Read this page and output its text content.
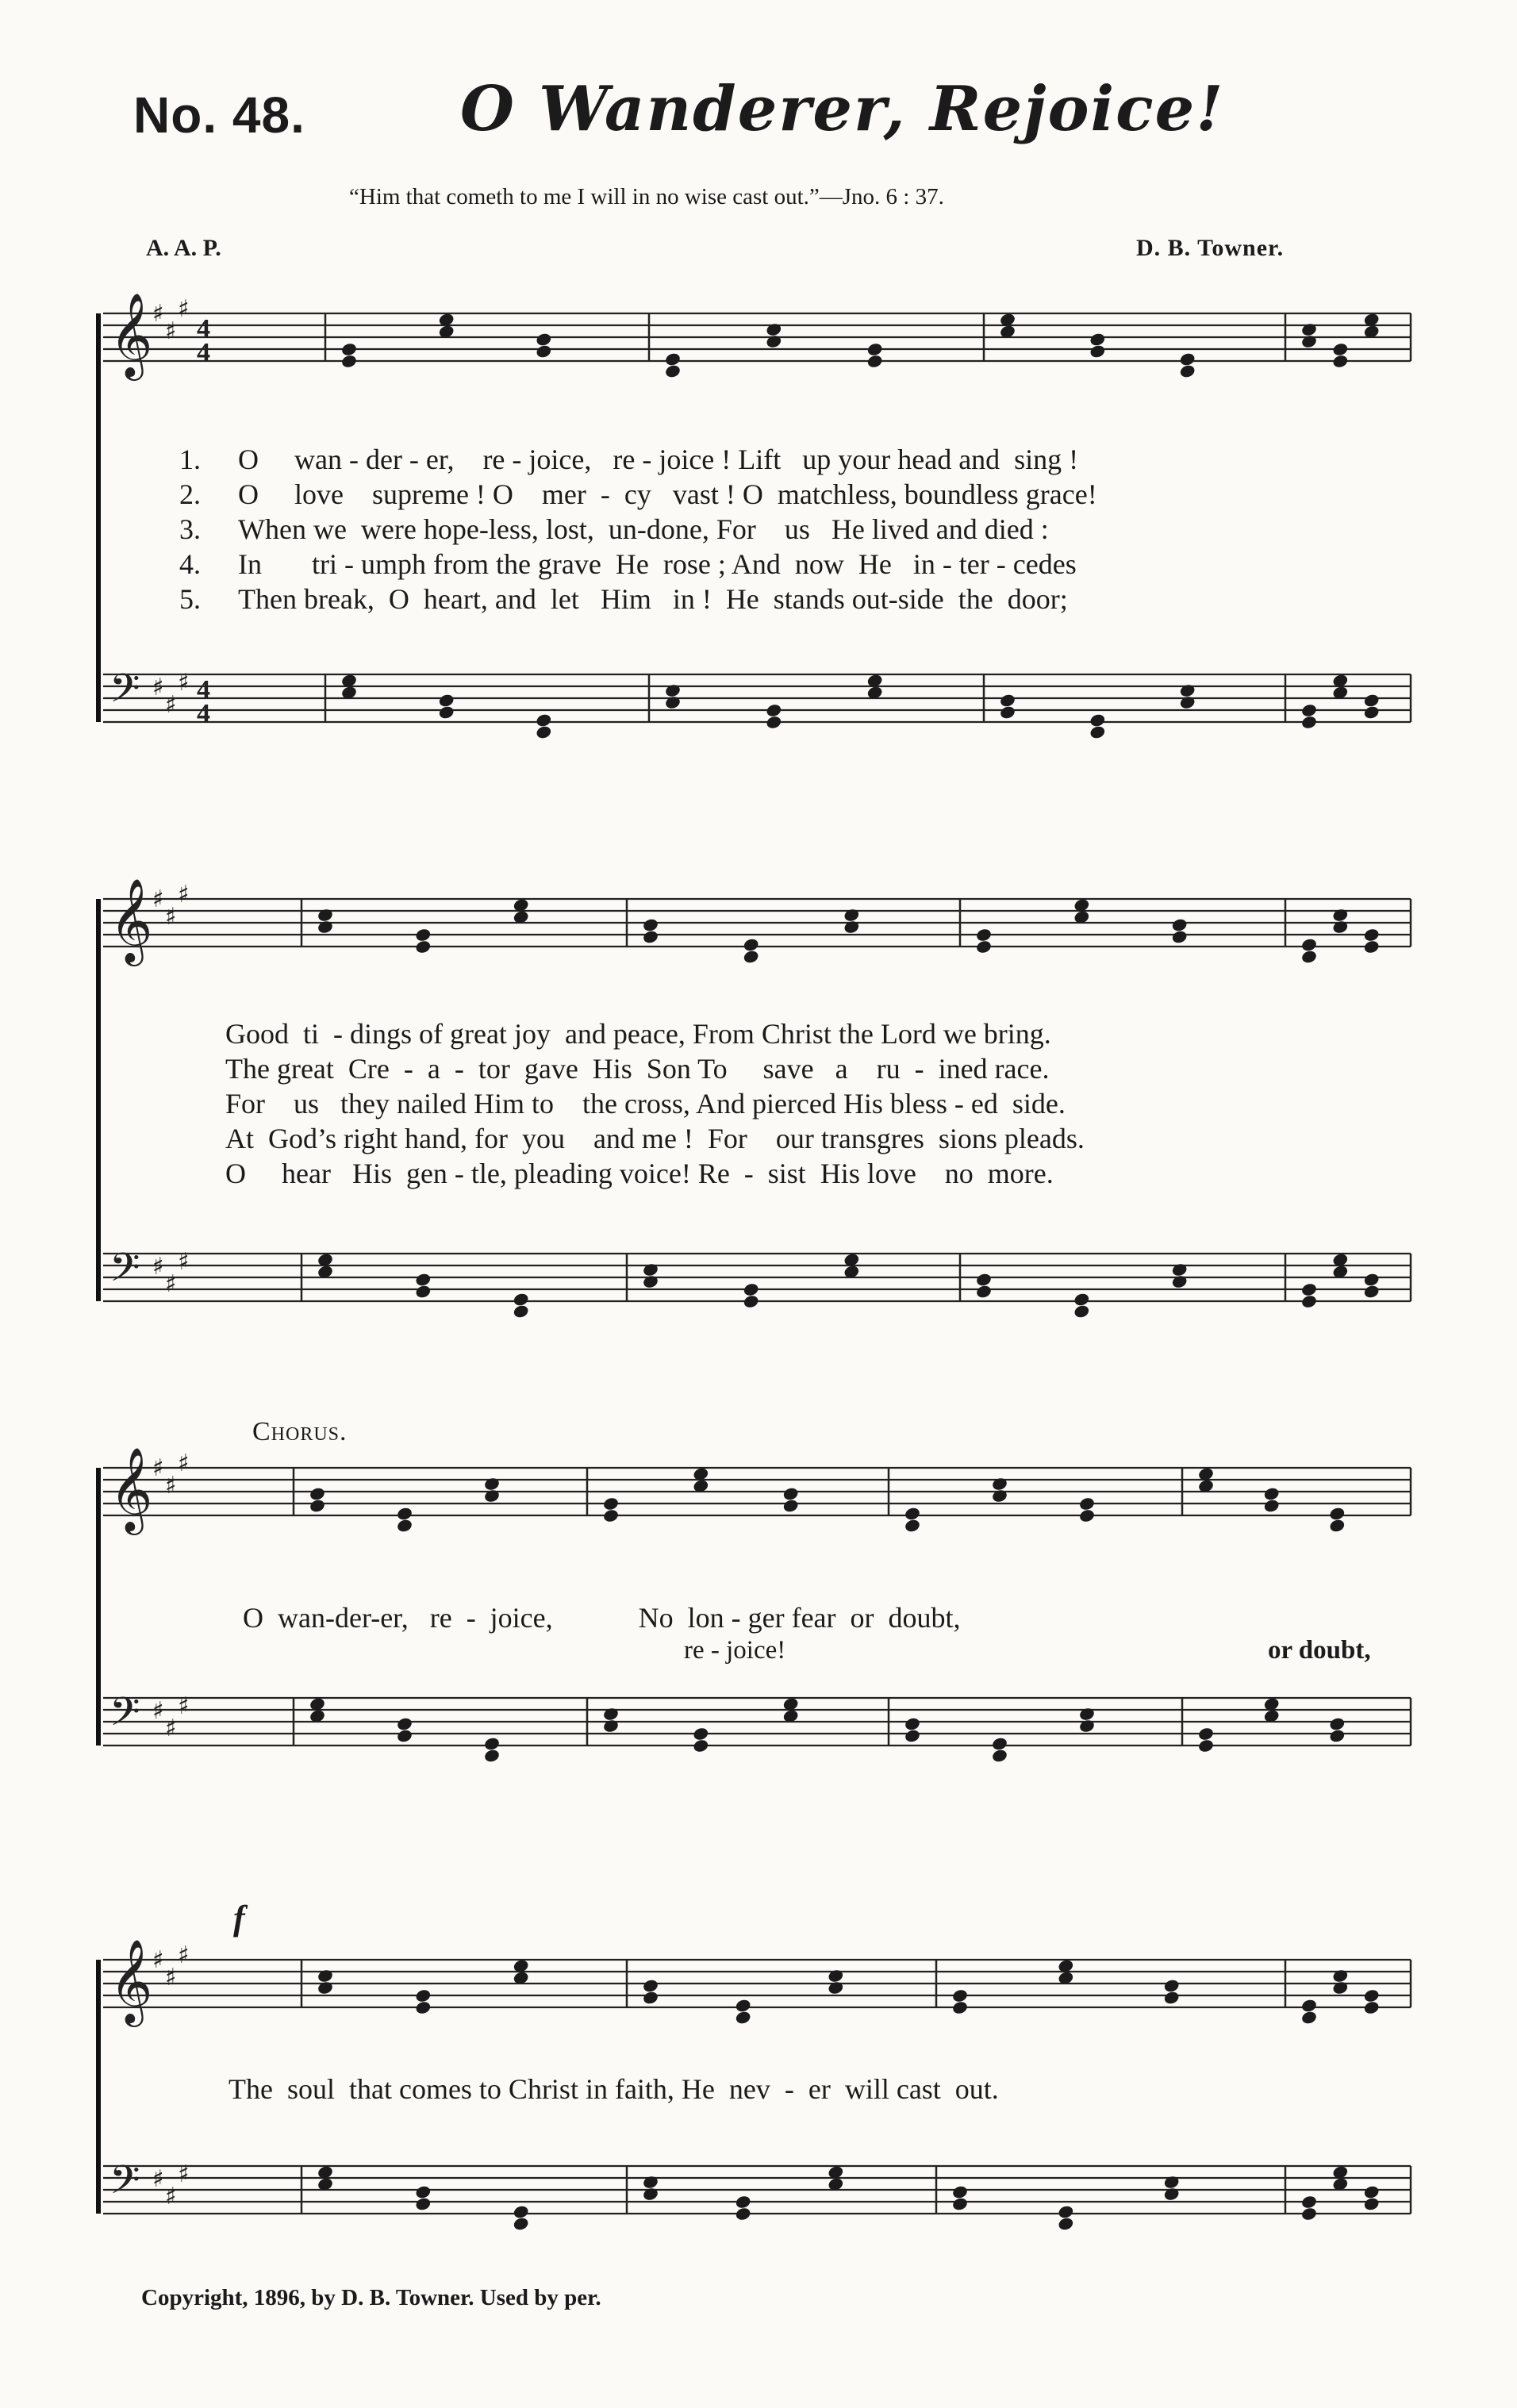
No. 48.	O Wanderer, Rejoice!
“Him that cometh to me I will in no wise cast out.”—Jno. 6 : 37.
A. A. P.	D. B. Towner.
𝄞 ♯
♯
♯
𝄢 ♯
♯
♯
4
4
4
4
𝄞 ♯
♯
♯
𝄢 ♯
♯
♯
𝄞 ♯
♯
♯
𝄢 ♯
♯
♯
𝄞 ♯
♯
♯
𝄢 ♯
♯
♯
1. O     wan - der - er,    re - joice,   re - joice ! Lift   up your head and  sing !
2. O     love    supreme ! O    mer  -  cy   vast ! O  matchless, boundless grace!
3. When we  were hope-less, lost,  un-done, For    us   He lived and died :
4. In       tri - umph from the grave  He  rose ; And  now  He   in - ter - cedes
5. Then break,  O  heart, and  let   Him   in !  He  stands out-side  the  door;
Good  ti  - dings of great joy  and peace, From Christ the Lord we bring.
The great  Cre  -  a  -  tor  gave  His  Son To     save   a    ru  -  ined race.
For    us   they nailed Him to    the cross, And pierced His bless - ed  side.
At  God’s right hand, for  you    and me !  For    our transgres  sions pleads.
O     hear   His  gen - tle, pleading voice! Re  -  sist  His love    no  more.
Chorus.
O  wan-der-er,   re  -  joice,            No  lon - ger fear  or  doubt,
re - joice!	or doubt,
f
The  soul  that comes to Christ in faith, He  nev  -  er  will cast  out.
Copyright, 1896, by D. B. Towner. Used by per.
